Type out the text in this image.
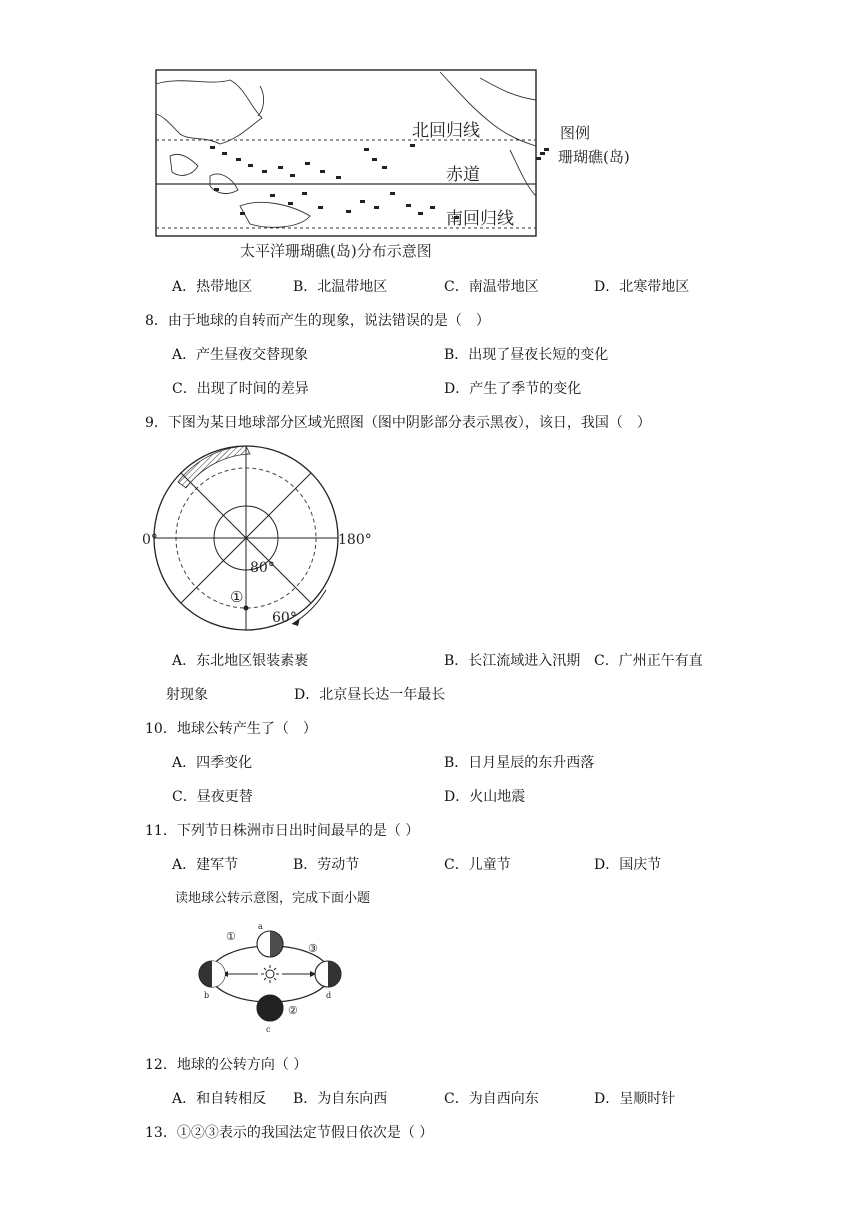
北回归线
赤道
南回归线
图例
珊瑚礁(岛)
太平洋珊瑚礁(岛)分布示意图
A．热带地区	B．北温带地区	C．南温带地区	D．北寒带地区
8．由于地球的自转而产生的现象，说法错误的是（　）
A．产生昼夜交替现象	B．出现了昼夜长短的变化
C．出现了时间的差异	D．产生了季节的变化
9．下图为某日地球部分区域光照图（图中阴影部分表示黑夜），该日，我国（　）
0°	180°
80°
60°
①
A．东北地区银装素裹	B．长江流域进入汛期 C．广州正午有直
射现象	D．北京昼长达一年最长
10．地球公转产生了（　）
A．四季变化	B．日月星辰的东升西落
C．昼夜更替	D．火山地震
11．下列节日株洲市日出时间最早的是（ ）
A．建军节	B．劳动节	C．儿童节	D．国庆节
读地球公转示意图，完成下面小题
a
b
c
d
①
②
③
12．地球的公转方向（ ）
A．和自转相反 B．为自东向西	C．为自西向东	D．呈顺时针
13．①②③表示的我国法定节假日依次是（ ）
